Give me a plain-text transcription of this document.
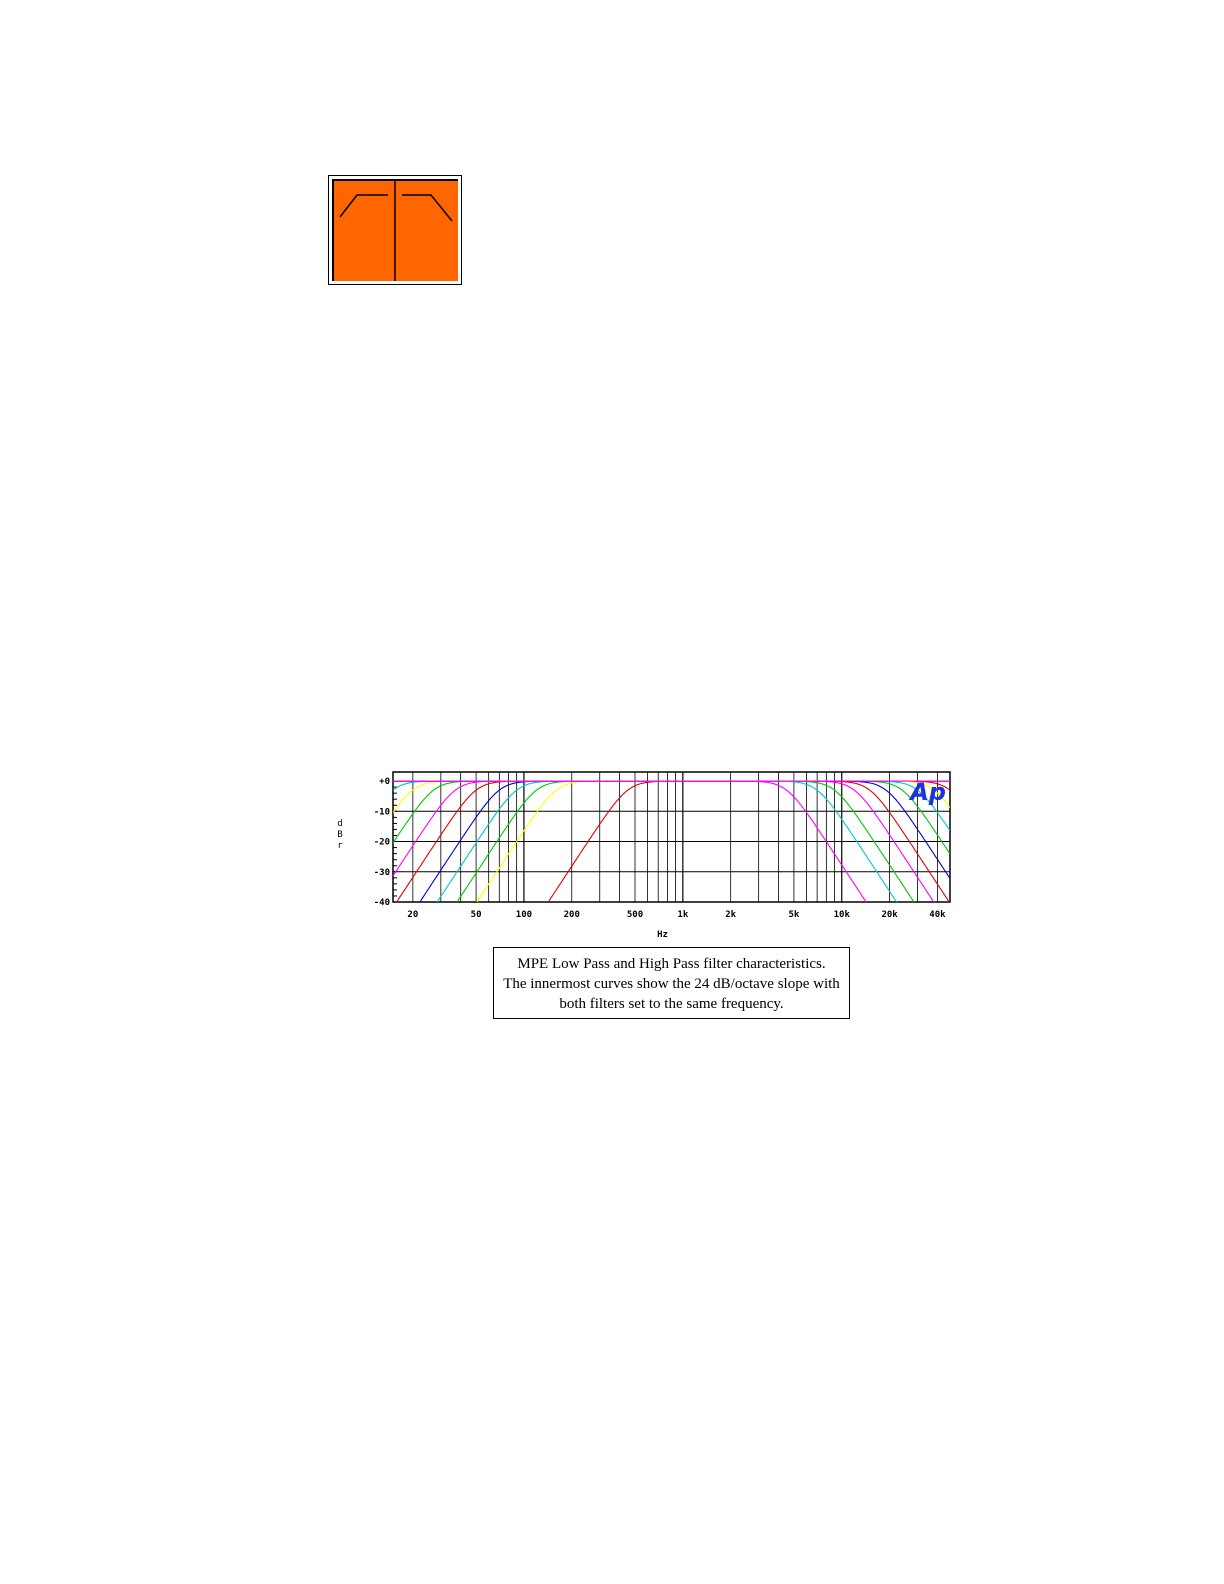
+0
-10
-20
-30
-40
20	50	100	200	500	1k	2k	5k	10k	20k	40k
Hz
d
B
r
Ap
MPE Low Pass and High Pass filter characteristics.
The innermost curves show the 24 dB/octave slope with
both filters set to the same frequency.
